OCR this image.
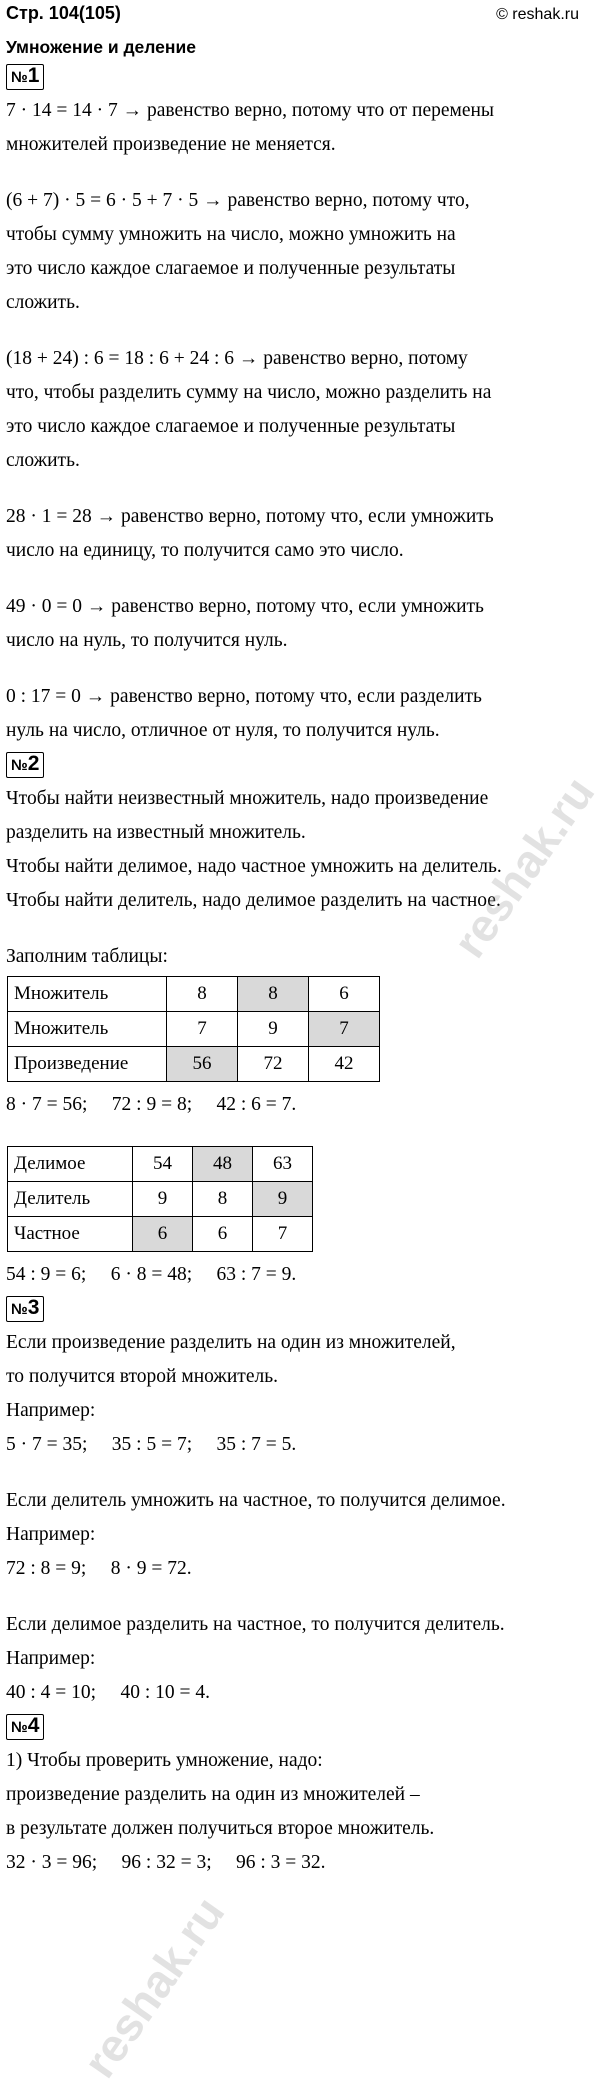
Стр. 104(105)	© reshak.ru
Умножение и деление
№1
7 · 14 = 14 · 7 → равенство верно, потому что от перемены
множителей произведение не меняется.
(6 + 7) · 5 = 6 · 5 + 7 · 5 → равенство верно, потому что,
чтобы сумму умножить на число, можно умножить на
это число каждое слагаемое и полученные результаты
сложить.
(18 + 24) : 6 = 18 : 6 + 24 : 6 → равенство верно, потому
что, чтобы разделить сумму на число, можно разделить на
это число каждое слагаемое и полученные результаты
сложить.
28 · 1 = 28 → равенство верно, потому что, если умножить
число на единицу, то получится само это число.
49 · 0 = 0 → равенство верно, потому что, если умножить
число на нуль, то получится нуль.
0 : 17 = 0 → равенство верно, потому что, если разделить
нуль на число, отличное от нуля, то получится нуль.
№2
Чтобы найти неизвестный множитель, надо произведение
разделить на известный множитель.
Чтобы найти делимое, надо частное умножить на делитель.
Чтобы найти делитель, надо делимое разделить на частное.
Заполним таблицы:
Множитель	8	8	6
Множитель	7	9	7
Произведение	56	72	42
8 · 7 = 56;     72 : 9 = 8;     42 : 6 = 7.
Делимое	54	48	63
Делитель	9	8	9
Частное	6	6	7
54 : 9 = 6;     6 · 8 = 48;     63 : 7 = 9.
№3
Если произведение разделить на один из множителей,
то получится второй множитель.
Например:
5 · 7 = 35;     35 : 5 = 7;     35 : 7 = 5.
Если делитель умножить на частное, то получится делимое.
Например:
72 : 8 = 9;     8 · 9 = 72.
Если делимое разделить на частное, то получится делитель.
Например:
40 : 4 = 10;     40 : 10 = 4.
№4
1) Чтобы проверить умножение, надо:
произведение разделить на один из множителей –
в результате должен получиться второе множитель.
32 · 3 = 96;     96 : 32 = 3;     96 : 3 = 32.
reshak.ru
reshak.ru
